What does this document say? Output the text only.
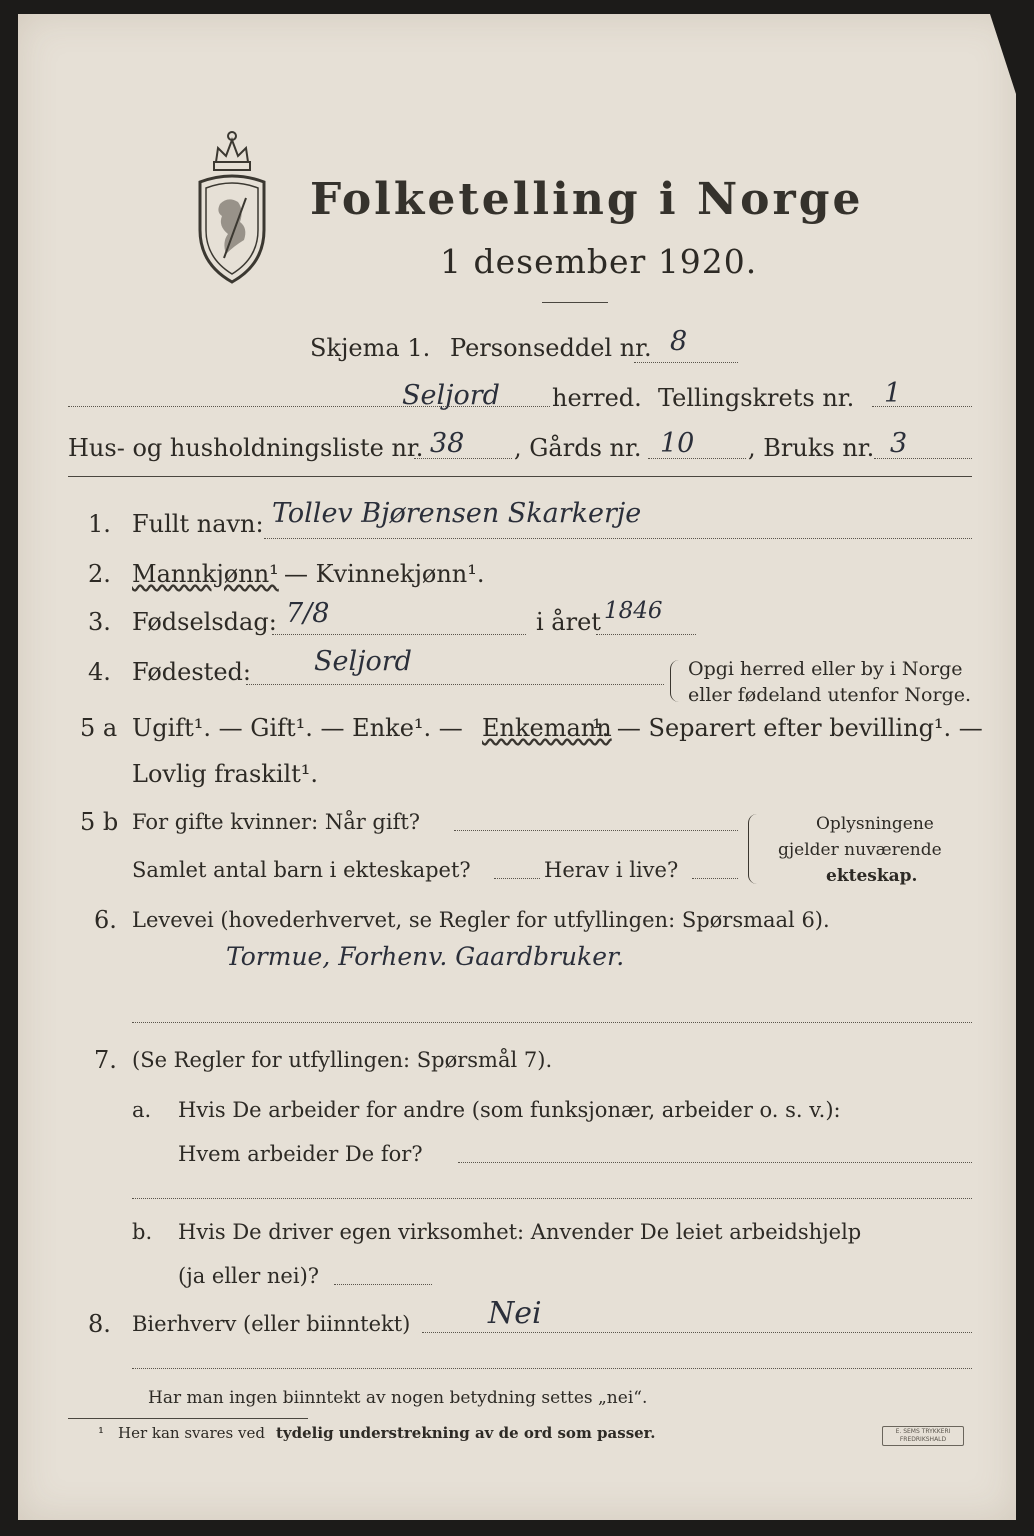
Folketelling i Norge
1 desember 1920.
Skjema 1. Personseddel nr. 8
Seljord herred. Tellingskrets nr. 1
Hus- og husholdningsliste nr. 38 , Gårds nr. 10 , Bruks nr. 3
1. Fullt navn: Tollev Bjørensen Skarkerje
2. Mannkjønn¹ — Kvinnekjønn¹.
3. Fødselsdag: 7/8	i året 1846
4. Fødested: Seljord	Opgi herred eller by i Norge
eller fødeland utenfor Norge.
5 a Ugift¹. — Gift¹. — Enke¹. — Enkemann
¹. — Separert efter bevilling¹. —
Lovlig fraskilt¹.
5 b For gifte kvinner: Når gift?
Samlet antal barn i ekteskapet?	Herav i live?
Oplysningene
gjelder nuværende
ekteskap.
6. Levevei (hovederhvervet, se Regler for utfyllingen: Spørsmaal 6).
Tormue, Forhenv. Gaardbruker.
7. (Se Regler for utfyllingen: Spørsmål 7).
a. Hvis De arbeider for andre (som funksjonær, arbeider o. s. v.):
Hvem arbeider De for?
b. Hvis De driver egen virksomhet: Anvender De leiet arbeidshjelp
(ja eller nei)?
8. Bierhverv (eller biinntekt)	Nei
Har man ingen biinntekt av nogen betydning settes „nei“.
¹ Her kan svares ved tydelig understrekning av de ord som passer.	E. SEMS TRYKKERI FREDRIKSHALD
